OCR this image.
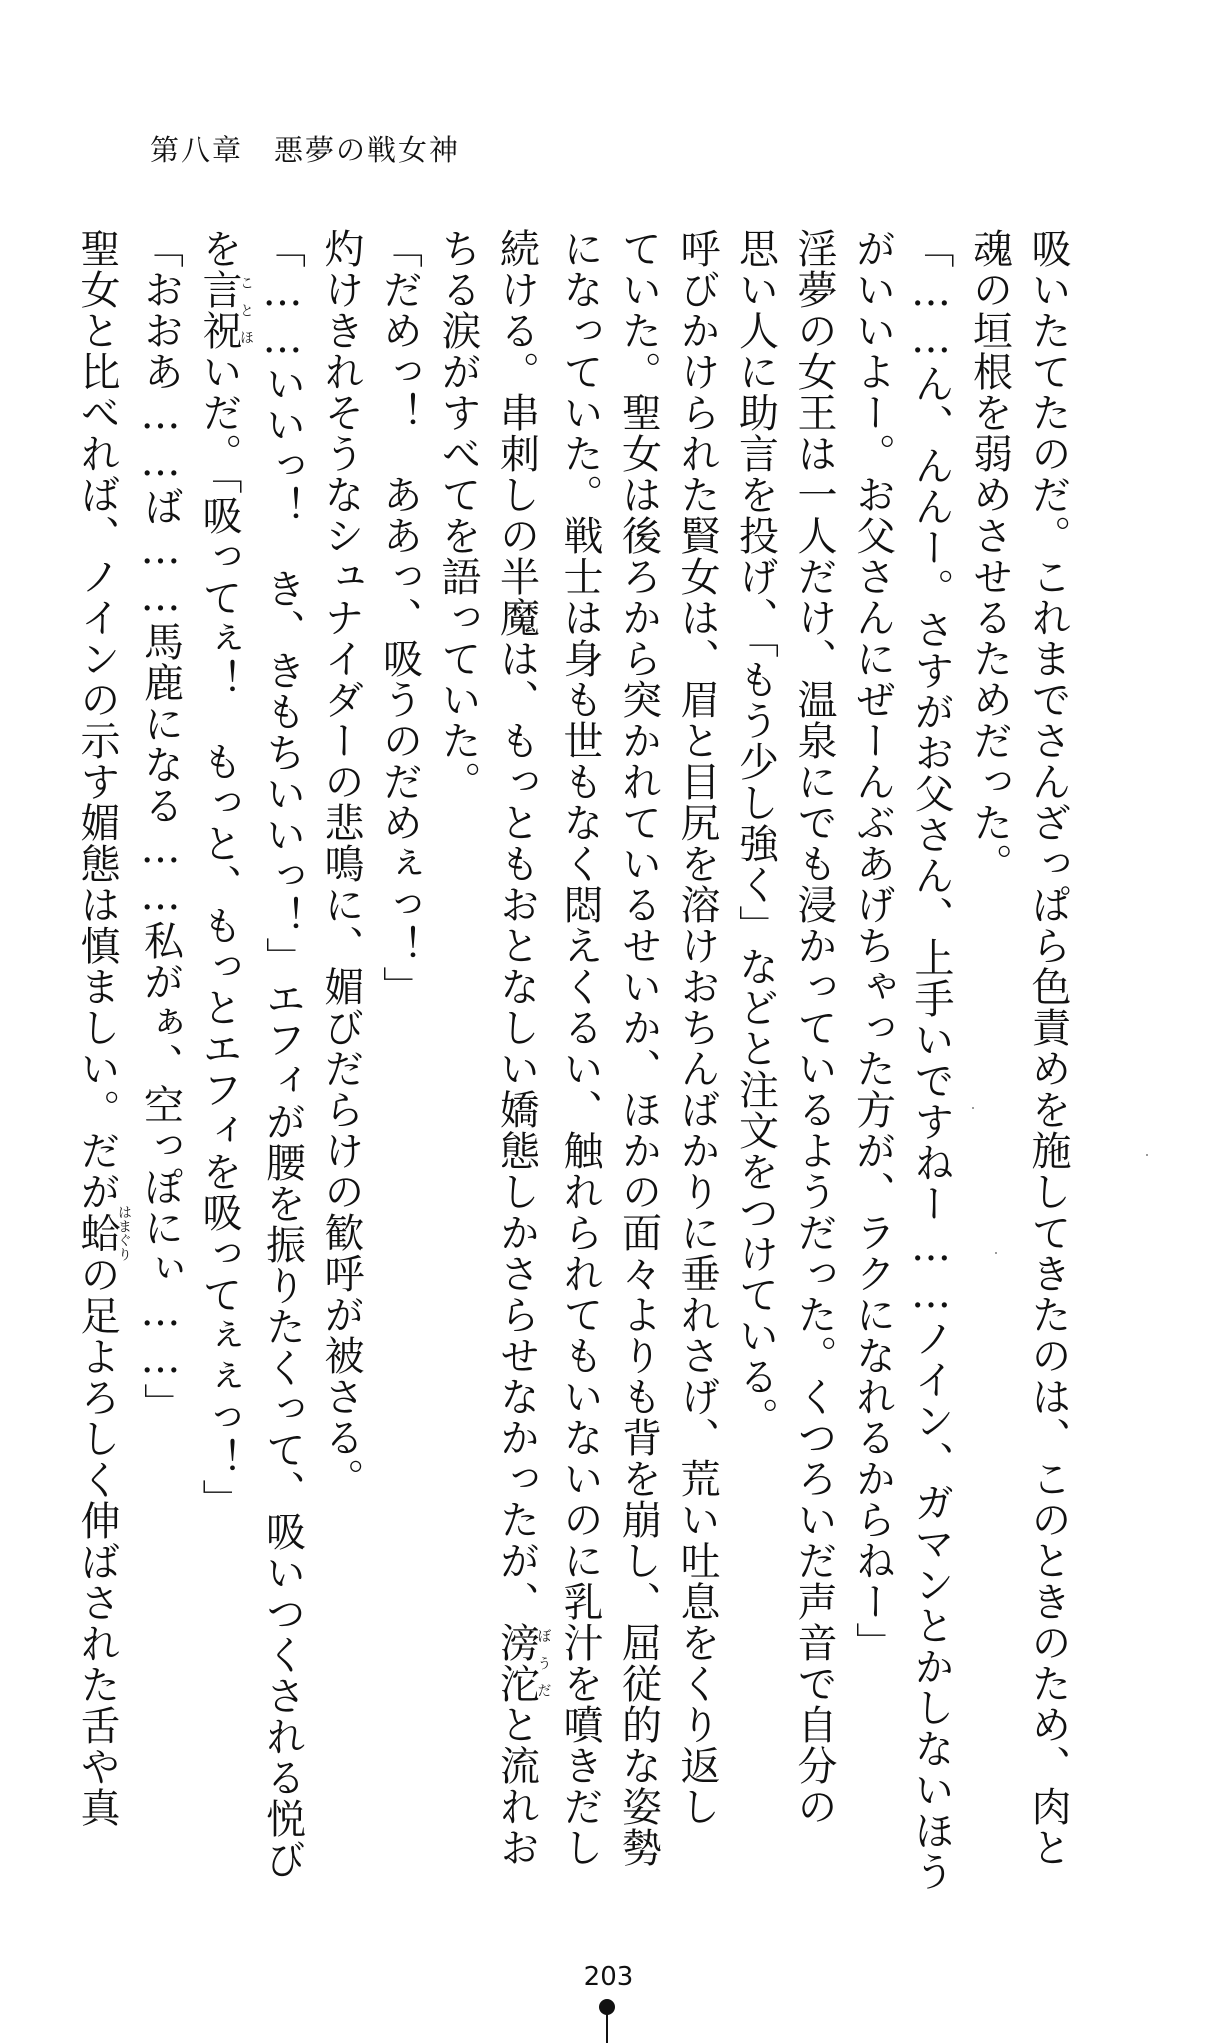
第八章　悪夢の戦女神
吸いたてたのだ。これまでさんざっぱら色責めを施してきたのは、このときのため、肉と
魂の垣根を弱めさせるためだった。
「……ん、んんー。さすがお父さん、上手いですねー……ノイン、ガマンとかしないほう
がいいよー。お父さんにぜーんぶあげちゃった方が、ラクになれるからねー」
淫夢の女王は一人だけ、温泉にでも浸かっているようだった。くつろいだ声音で自分の
思い人に助言を投げ、「もう少し強く」などと注文をつけている。
呼びかけられた賢女は、眉と目尻を溶けおちんばかりに垂れさげ、荒い吐息をくり返し
ていた。聖女は後ろから突かれているせいか、ほかの面々よりも背を崩し、屈従的な姿勢
になっていた。戦士は身も世もなく悶えくるい、触れられてもいないのに乳汁を噴きだし
続ける。串刺しの半魔は、もっともおとなしい嬌態しかさらせなかったが、滂沱ぼうだと流れお
ちる涙がすべてを語っていた。
「だめっ！　ああっ、吸うのだめぇっ！」
灼けきれそうなシュナイダーの悲鳴に、媚びだらけの歓呼が被さる。
「……いいっ！　き、きもちいいっ！」エフィが腰を振りたくって、吸いつくされる悦び
を言祝ことほいだ。「吸ってぇ！　もっと、もっとエフィを吸ってぇぇっ！」
「おおあ……ば……馬鹿になる……私がぁ、空っぽにぃ……」
聖女と比べれば、ノインの示す媚態は慎ましい。だが蛤はまぐりの足よろしく伸ばされた舌や真
203
